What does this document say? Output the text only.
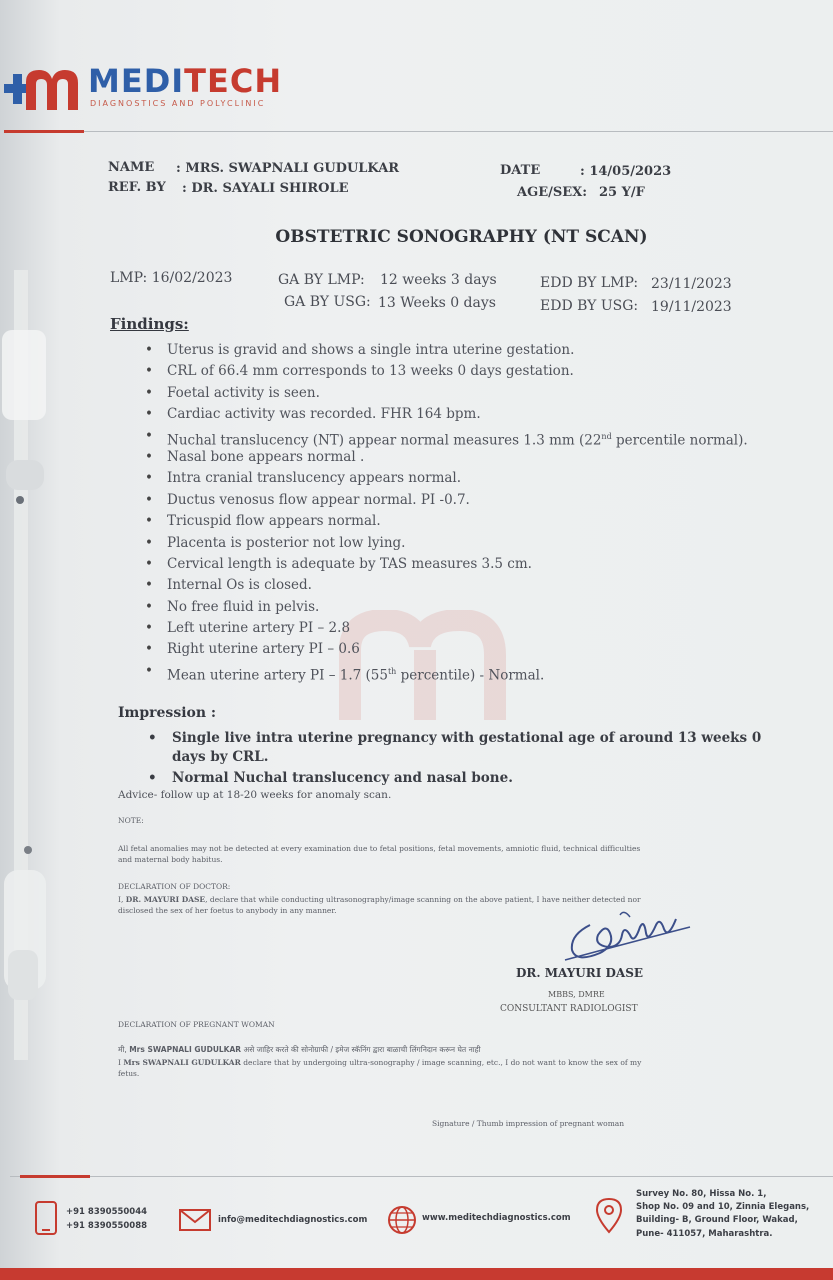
MEDITECH
DIAGNOSTICS AND POLYCLINIC
NAME : MRS. SWAPNALI GUDULKAR
REF. BY : DR. SAYALI SHIROLE
DATE	: 14/05/2023
AGE/SEX: 25 Y/F
OBSTETRIC SONOGRAPHY (NT SCAN)
LMP: 16/02/2023	GA BY LMP: 12 weeks 3 days
GA BY USG: 13 Weeks 0 days
EDD BY LMP: 23/11/2023
EDD BY USG: 19/11/2023
Findings:
• Uterus is gravid and shows a single intra uterine gestation.
• CRL of 66.4 mm corresponds to 13 weeks 0 days gestation.
• Foetal activity is seen.
• Cardiac activity was recorded. FHR 164 bpm.
• Nuchal translucency (NT) appear normal measures 1.3 mm (22nd percentile normal).
• Nasal bone appears normal .
• Intra cranial translucency appears normal.
• Ductus venosus flow appear normal. PI -0.7.
• Tricuspid flow appears normal.
• Placenta is posterior not low lying.
• Cervical length is adequate by TAS measures 3.5 cm.
• Internal Os is closed.
• No free fluid in pelvis.
• Left uterine artery PI – 2.8
• Right uterine artery PI – 0.6
• Mean uterine artery PI – 1.7 (55th percentile) - Normal.
Impression :
• Single live intra uterine pregnancy with gestational age of around 13 weeks 0
days by CRL.
• Normal Nuchal translucency and nasal bone.
Advice- follow up at 18-20 weeks for anomaly scan.
NOTE:
All fetal anomalies may not be detected at every examination due to fetal positions, fetal movements, amniotic fluid, technical difficulties
and maternal body habitus.
DECLARATION OF DOCTOR:
I, DR. MAYURI DASE, declare that while conducting ultrasonography/image scanning on the above patient, I have neither detected nor
disclosed the sex of her foetus to anybody in any manner.
DR. MAYURI DASE
MBBS, DMRE
CONSULTANT RADIOLOGIST
DECLARATION OF PREGNANT WOMAN
मी, Mrs SWAPNALI GUDULKAR असे जाहिर करते की सोनोग्राफी / इमेज स्कॅनिंग द्वारा बाळाची लिंगनिदान करून घेत नाही
I Mrs SWAPNALI GUDULKAR declare that by undergoing ultra-sonography / image scanning, etc., I do not want to know the sex of my
fetus.
Signature / Thumb impression of pregnant woman
+91 8390550044
+91 8390550088
info@meditechdiagnostics.com	www.meditechdiagnostics.com
Survey No. 80, Hissa No. 1,
Shop No. 09 and 10, Zinnia Elegans,
Building- B, Ground Floor, Wakad,
Pune- 411057, Maharashtra.
